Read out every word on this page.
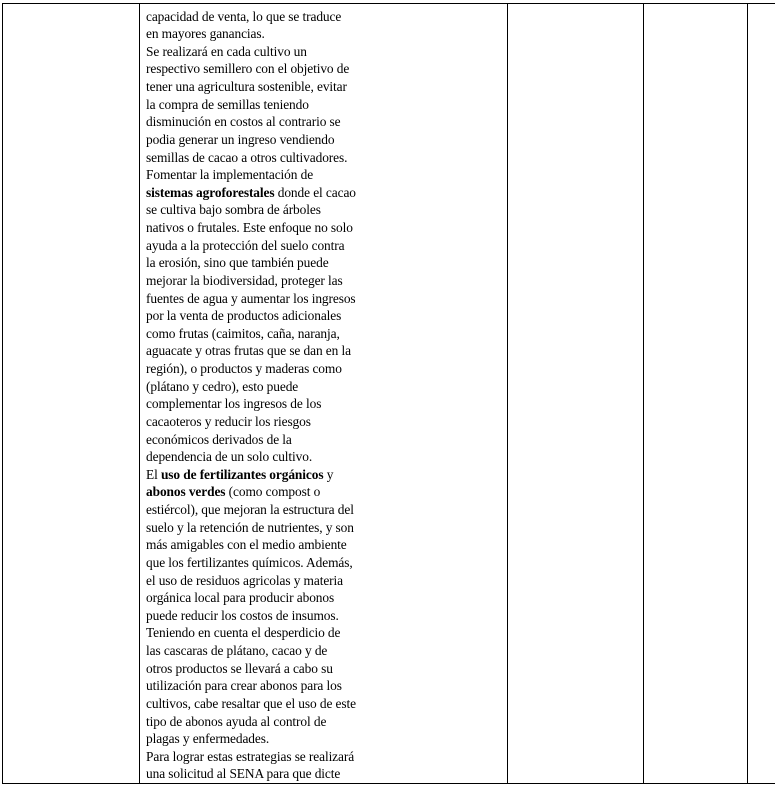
capacidad de venta, lo que se traduce
en mayores ganancias.
Se realizará en cada cultivo un
respectivo semillero con el objetivo de
tener una agricultura sostenible, evitar
la compra de semillas teniendo
disminución en costos al contrario se
podia generar un ingreso vendiendo
semillas de cacao a otros cultivadores.
Fomentar la implementación de
sistemas agroforestales donde el cacao
se cultiva bajo sombra de árboles
nativos o frutales. Este enfoque no solo
ayuda a la protección del suelo contra
la erosión, sino que también puede
mejorar la biodiversidad, proteger las
fuentes de agua y aumentar los ingresos
por la venta de productos adicionales
como frutas (caimitos, caña, naranja,
aguacate y otras frutas que se dan en la
región), o productos y maderas como
(plátano y cedro), esto puede
complementar los ingresos de los
cacaoteros y reducir los riesgos
económicos derivados de la
dependencia de un solo cultivo.
El uso de fertilizantes orgánicos y
abonos verdes (como compost o
estiércol), que mejoran la estructura del
suelo y la retención de nutrientes, y son
más amigables con el medio ambiente
que los fertilizantes químicos. Además,
el uso de residuos agricolas y materia
orgánica local para producir abonos
puede reducir los costos de insumos.
Teniendo en cuenta el desperdicio de
las cascaras de plátano, cacao y de
otros productos se llevará a cabo su
utilización para crear abonos para los
cultivos, cabe resaltar que el uso de este
tipo de abonos ayuda al control de
plagas y enfermedades.
Para lograr estas estrategias se realizará
una solicitud al SENA para que dicte
